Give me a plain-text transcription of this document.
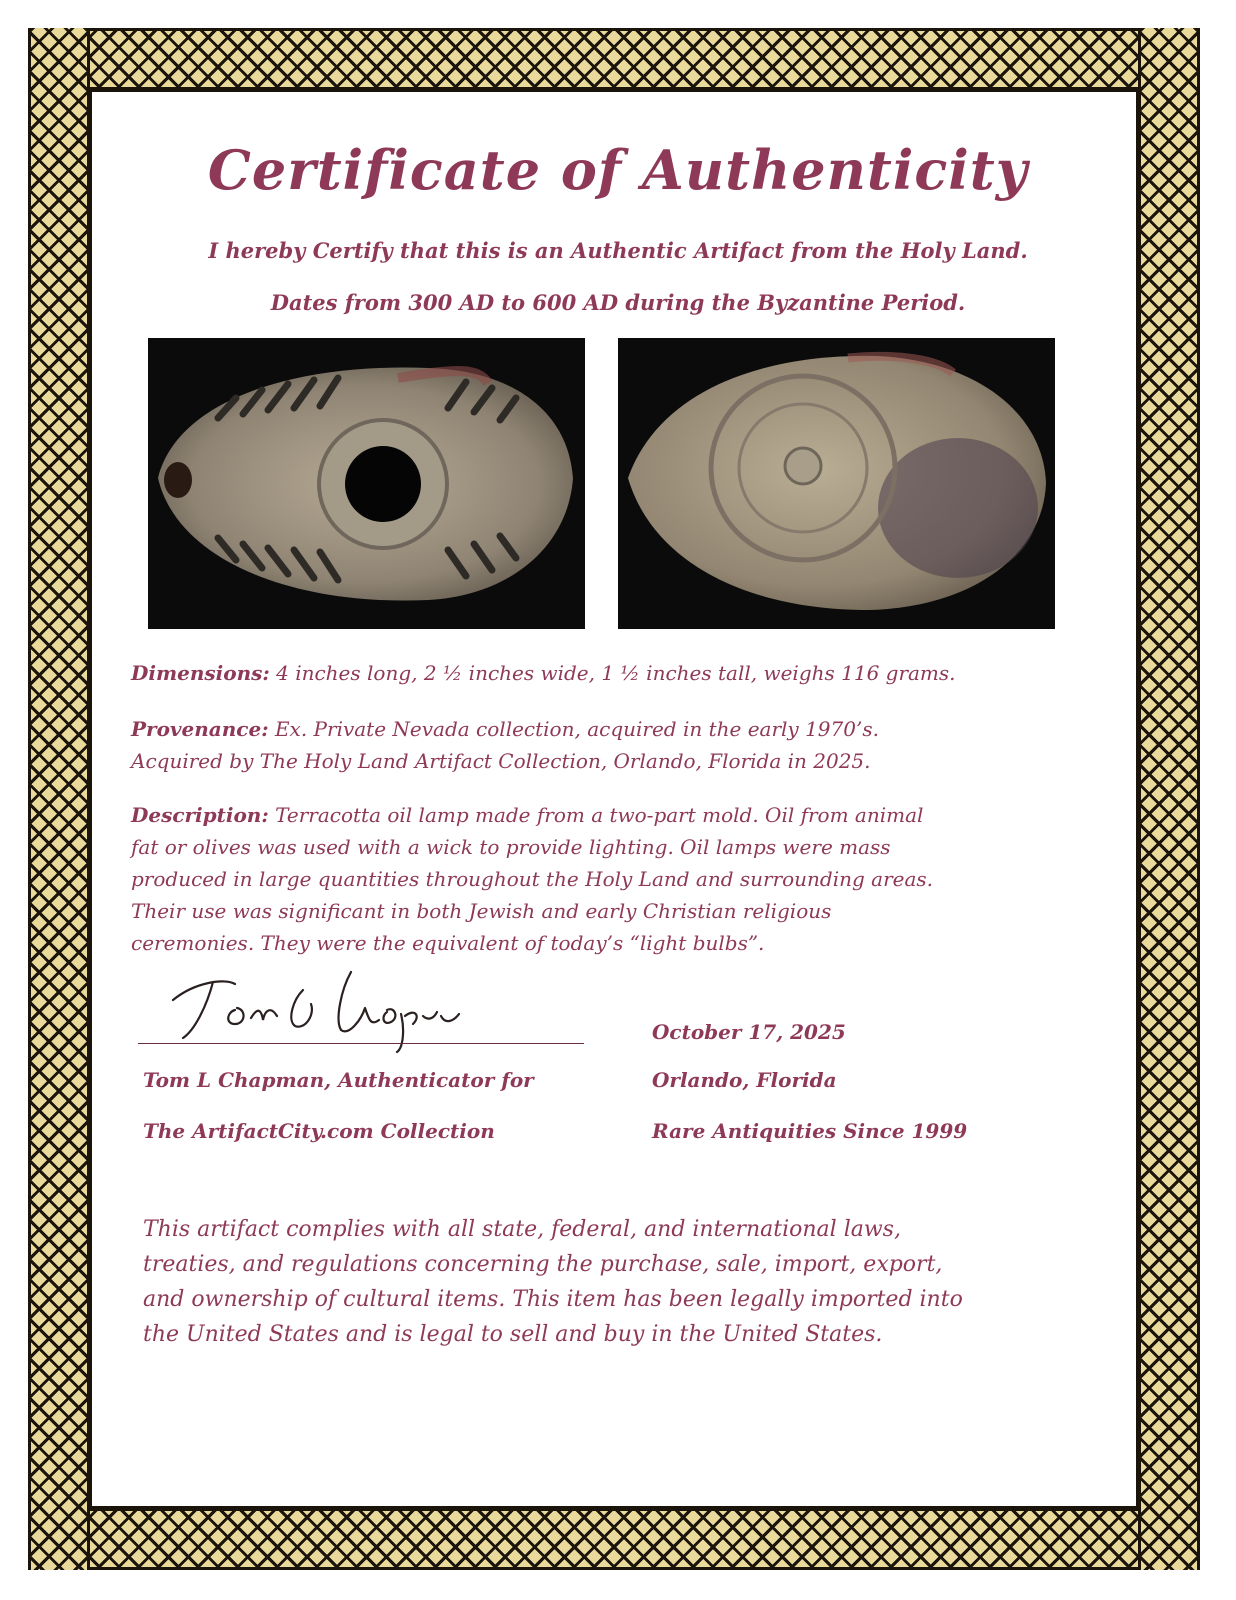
Certificate of Authenticity
I hereby Certify that this is an Authentic Artifact from the Holy Land.
Dates from 300 AD to 600 AD during the Byzantine Period.
Dimensions: 4 inches long, 2 ½ inches wide, 1 ½ inches tall, weighs 116 grams.
Provenance: Ex. Private Nevada collection, acquired in the early 1970’s.
Acquired by The Holy Land Artifact Collection, Orlando, Florida in 2025.
Description: Terracotta oil lamp made from a two-part mold. Oil from animal
fat or olives was used with a wick to provide lighting. Oil lamps were mass
produced in large quantities throughout the Holy Land and surrounding areas.
Their use was significant in both Jewish and early Christian religious
ceremonies. They were the equivalent of today’s “light bulbs”.
Tom L Chapman, Authenticator for
The ArtifactCity.com Collection
October 17, 2025
Orlando, Florida
Rare Antiquities Since 1999
This artifact complies with all state, federal, and international laws,
treaties, and regulations concerning the purchase, sale, import, export,
and ownership of cultural items. This item has been legally imported into
the United States and is legal to sell and buy in the United States.
